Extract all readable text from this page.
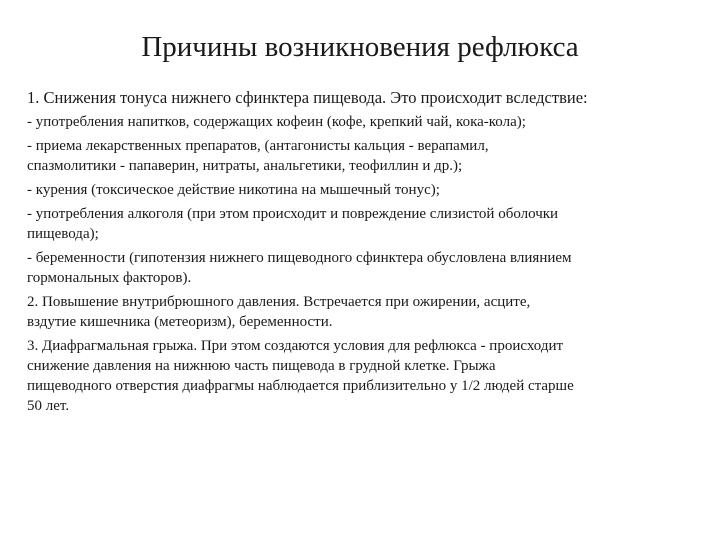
Причины возникновения рефлюкса

1. Снижения тонуса нижнего сфинктера пищевода. Это происходит вследствие:

- употребления напитков, содержащих кофеин (кофе, крепкий чай, кока-кола);

- приема лекарственных препаратов, (антагонисты кальция - верапамил,
спазмолитики - папаверин, нитраты, анальгетики, теофиллин и др.);

- курения (токсическое действие никотина на мышечный тонус);

- употребления алкоголя (при этом происходит и повреждение слизистой оболочки
пищевода);

- беременности (гипотензия нижнего пищеводного сфинктера обусловлена влиянием
гормональных факторов).

2. Повышение внутрибрюшного давления. Встречается при ожирении, асците,
вздутие кишечника (метеоризм), беременности.

3. Диафрагмальная грыжа. При этом создаются условия для рефлюкса - происходит
снижение давления на нижнюю часть пищевода в грудной клетке. Грыжа
пищеводного отверстия диафрагмы наблюдается приблизительно у 1/2 людей старше
50 лет.
